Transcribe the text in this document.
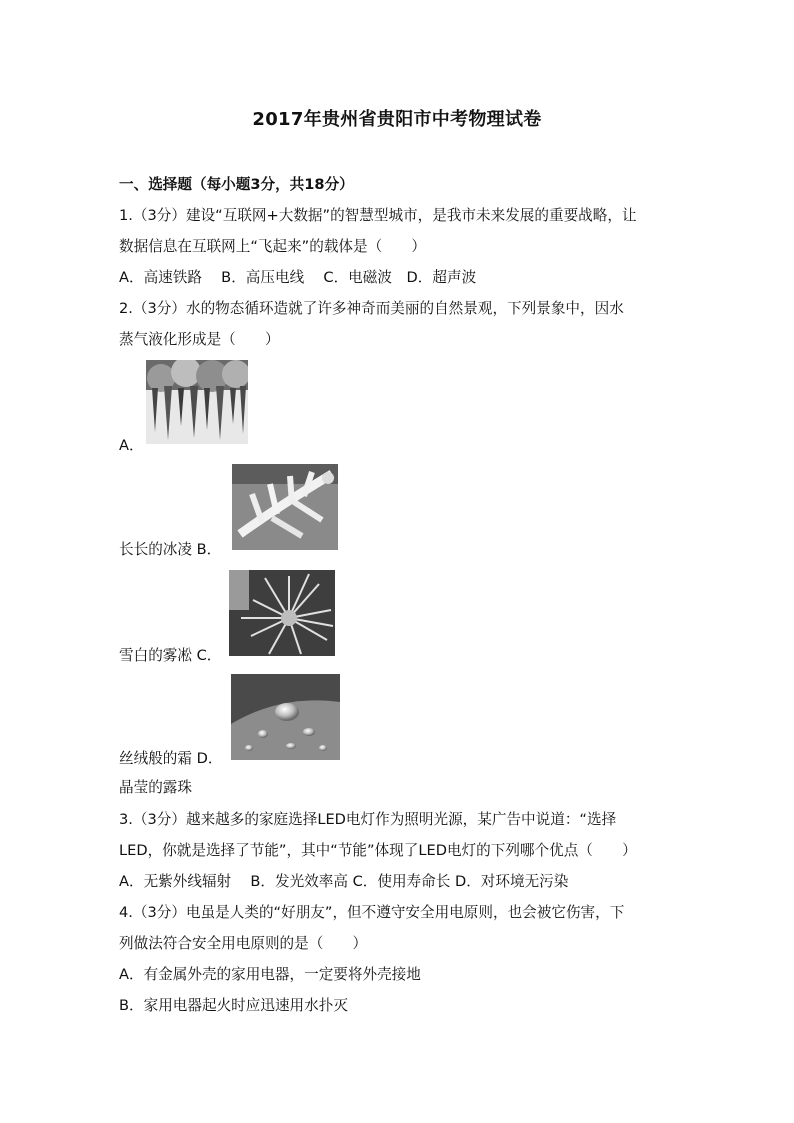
2017年贵州省贵阳市中考物理试卷
一、选择题（每小题3分，共18分）
1.（3分）建设“互联网+大数据”的智慧型城市，是我市未来发展的重要战略，让
数据信息在互联网上“飞起来”的载体是（　　）
A．高速铁路　 B．高压电线　 C．电磁波　D．超声波
2.（3分）水的物态循环造就了许多神奇而美丽的自然景观，下列景象中，因水
蒸气液化形成是（　　）
A．
长长的冰凌 B．
雪白的雾凇 C．
丝绒般的霜 D．
晶莹的露珠
3.（3分）越来越多的家庭选择LED电灯作为照明光源，某广告中说道：“选择
LED，你就是选择了节能”，其中“节能”体现了LED电灯的下列哪个优点（　　）
A．无紫外线辐射　 B．发光效率高 C．使用寿命长 D．对环境无污染
4.（3分）电虽是人类的“好朋友”，但不遵守安全用电原则，也会被它伤害，下
列做法符合安全用电原则的是（　　）
A．有金属外壳的家用电器，一定要将外壳接地
B．家用电器起火时应迅速用水扑灭
